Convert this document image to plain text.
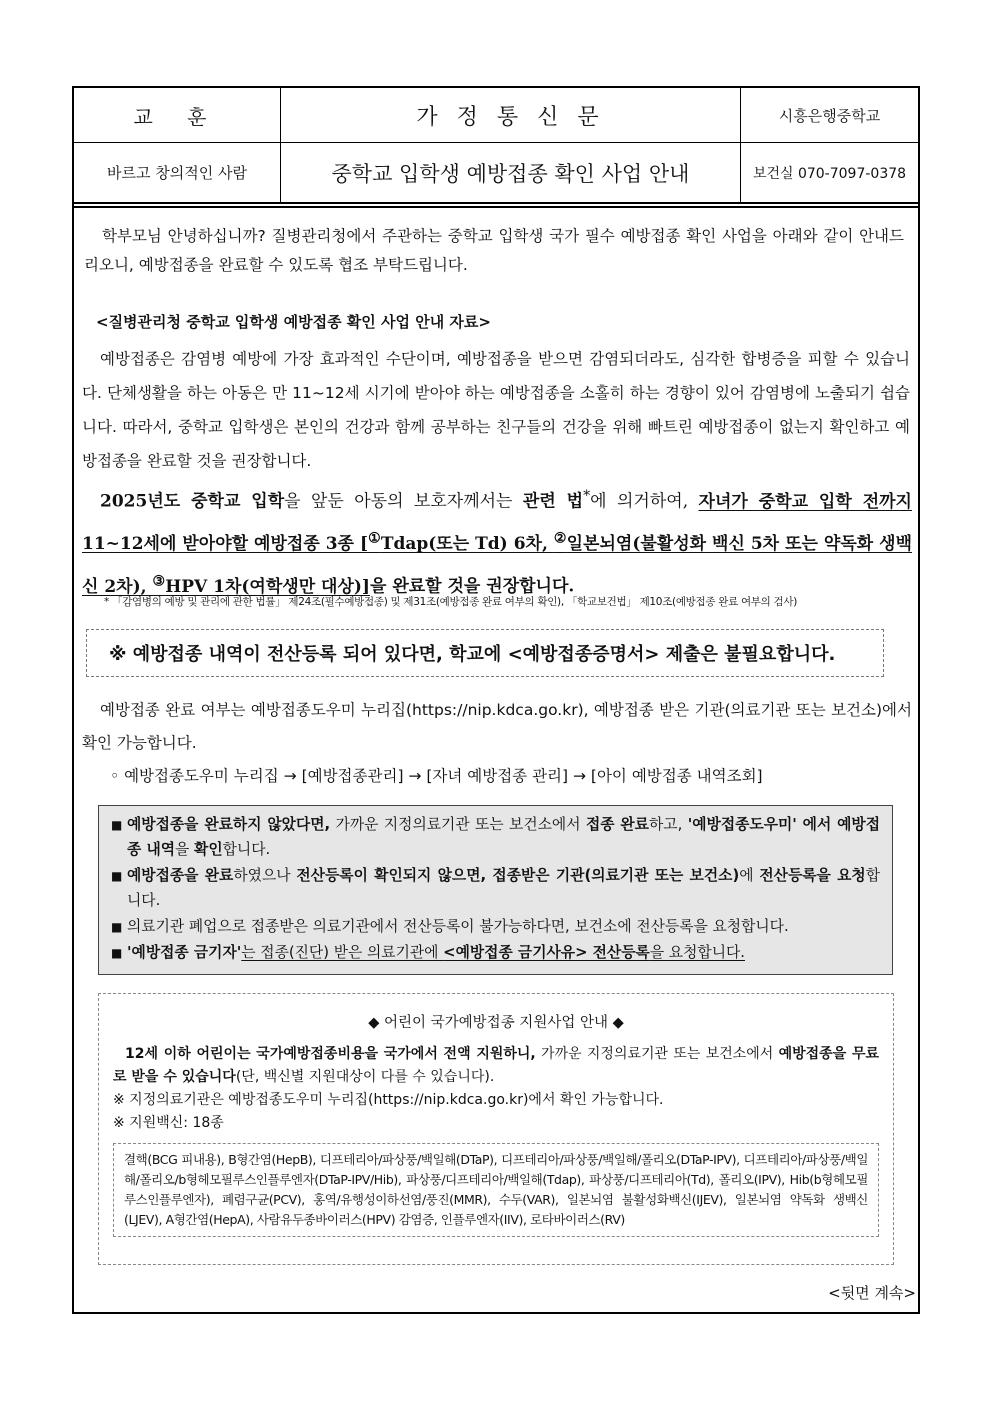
교 훈	가 정 통 신 문	시흥은행중학교
바르고 창의적인 사람	중학교 입학생 예방접종 확인 사업 안내	보건실 070-7097-0378

학부모님 안녕하십니까? 질병관리청에서 주관하는 중학교 입학생 국가 필수 예방접종 확인 사업을 아래와 같이 안내드리오니, 예방접종을 완료할 수 있도록 협조 부탁드립니다.

<질병관리청 중학교 입학생 예방접종 확인 사업 안내 자료>

예방접종은 감염병 예방에 가장 효과적인 수단이며, 예방접종을 받으면 감염되더라도, 심각한 합병증을 피할 수 있습니다. 단체생활을 하는 아동은 만 11~12세 시기에 받아야 하는 예방접종을 소홀히 하는 경향이 있어 감염병에 노출되기 쉽습니다. 따라서, 중학교 입학생은 본인의 건강과 함께 공부하는 친구들의 건강을 위해 빠트린 예방접종이 없는지 확인하고 예방접종을 완료할 것을 권장합니다.

2025년도 중학교 입학을 앞둔 아동의 보호자께서는 관련 법*에 의거하여, 자녀가 중학교 입학 전까지 11~12세에 받아야할 예방접종 3종 [①Tdap(또는 Td) 6차, ②일본뇌염(불활성화 백신 5차 또는 약독화 생백신 2차), ③HPV 1차(여학생만 대상)]을 완료할 것을 권장합니다.

* 「감염병의 예방 및 관리에 관한 법률」 제24조(필수예방접종) 및 제31조(예방접종 완료 여부의 확인), 「학교보건법」 제10조(예방접종 완료 여부의 검사)
※ 예방접종 내역이 전산등록 되어 있다면, 학교에 <예방접종증명서> 제출은 불필요합니다.

예방접종 완료 여부는 예방접종도우미 누리집(https://nip.kdca.go.kr), 예방접종 받은 기관(의료기관 또는 보건소)에서 확인 가능합니다.

◦ 예방접종도우미 누리집 → [예방접종관리] → [자녀 예방접종 관리] → [아이 예방접종 내역조회]
■ 예방접종을 완료하지 않았다면, 가까운 지정의료기관 또는 보건소에서 접종 완료하고, '예방접종도우미' 에서 예방접종 내역을 확인합니다.
■ 예방접종을 완료하였으나 전산등록이 확인되지 않으면, 접종받은 기관(의료기관 또는 보건소)에 전산등록을 요청합니다.
■ 의료기관 폐업으로 접종받은 의료기관에서 전산등록이 불가능하다면, 보건소에 전산등록을 요청합니다.
■ '예방접종 금기자'는 접종(진단) 받은 의료기관에 <예방접종 금기사유> 전산등록을 요청합니다.
◆ 어린이 국가예방접종 지원사업 안내 ◆
12세 이하 어린이는 국가예방접종비용을 국가에서 전액 지원하니, 가까운 지정의료기관 또는 보건소에서 예방접종을 무료로 받을 수 있습니다(단, 백신별 지원대상이 다를 수 있습니다).
※ 지정의료기관은 예방접종도우미 누리집(https://nip.kdca.go.kr)에서 확인 가능합니다.
※ 지원백신: 18종
결핵(BCG 피내용), B형간염(HepB), 디프테리아/파상풍/백일해(DTaP), 디프테리아/파상풍/백일해/폴리오(DTaP-IPV), 디프테리아/파상풍/백일해/폴리오/b형헤모필루스인플루엔자(DTaP-IPV/Hib), 파상풍/디프테리아/백일해(Tdap), 파상풍/디프테리아(Td), 폴리오(IPV), Hib(b형헤모필루스인플루엔자), 폐렴구균(PCV), 홍역/유행성이하선염/풍진(MMR), 수두(VAR), 일본뇌염 불활성화백신(IJEV), 일본뇌염 약독화 생백신(LJEV), A형간염(HepA), 사람유두종바이러스(HPV) 감염증, 인플루엔자(IIV), 로타바이러스(RV)
<뒷면 계속>
